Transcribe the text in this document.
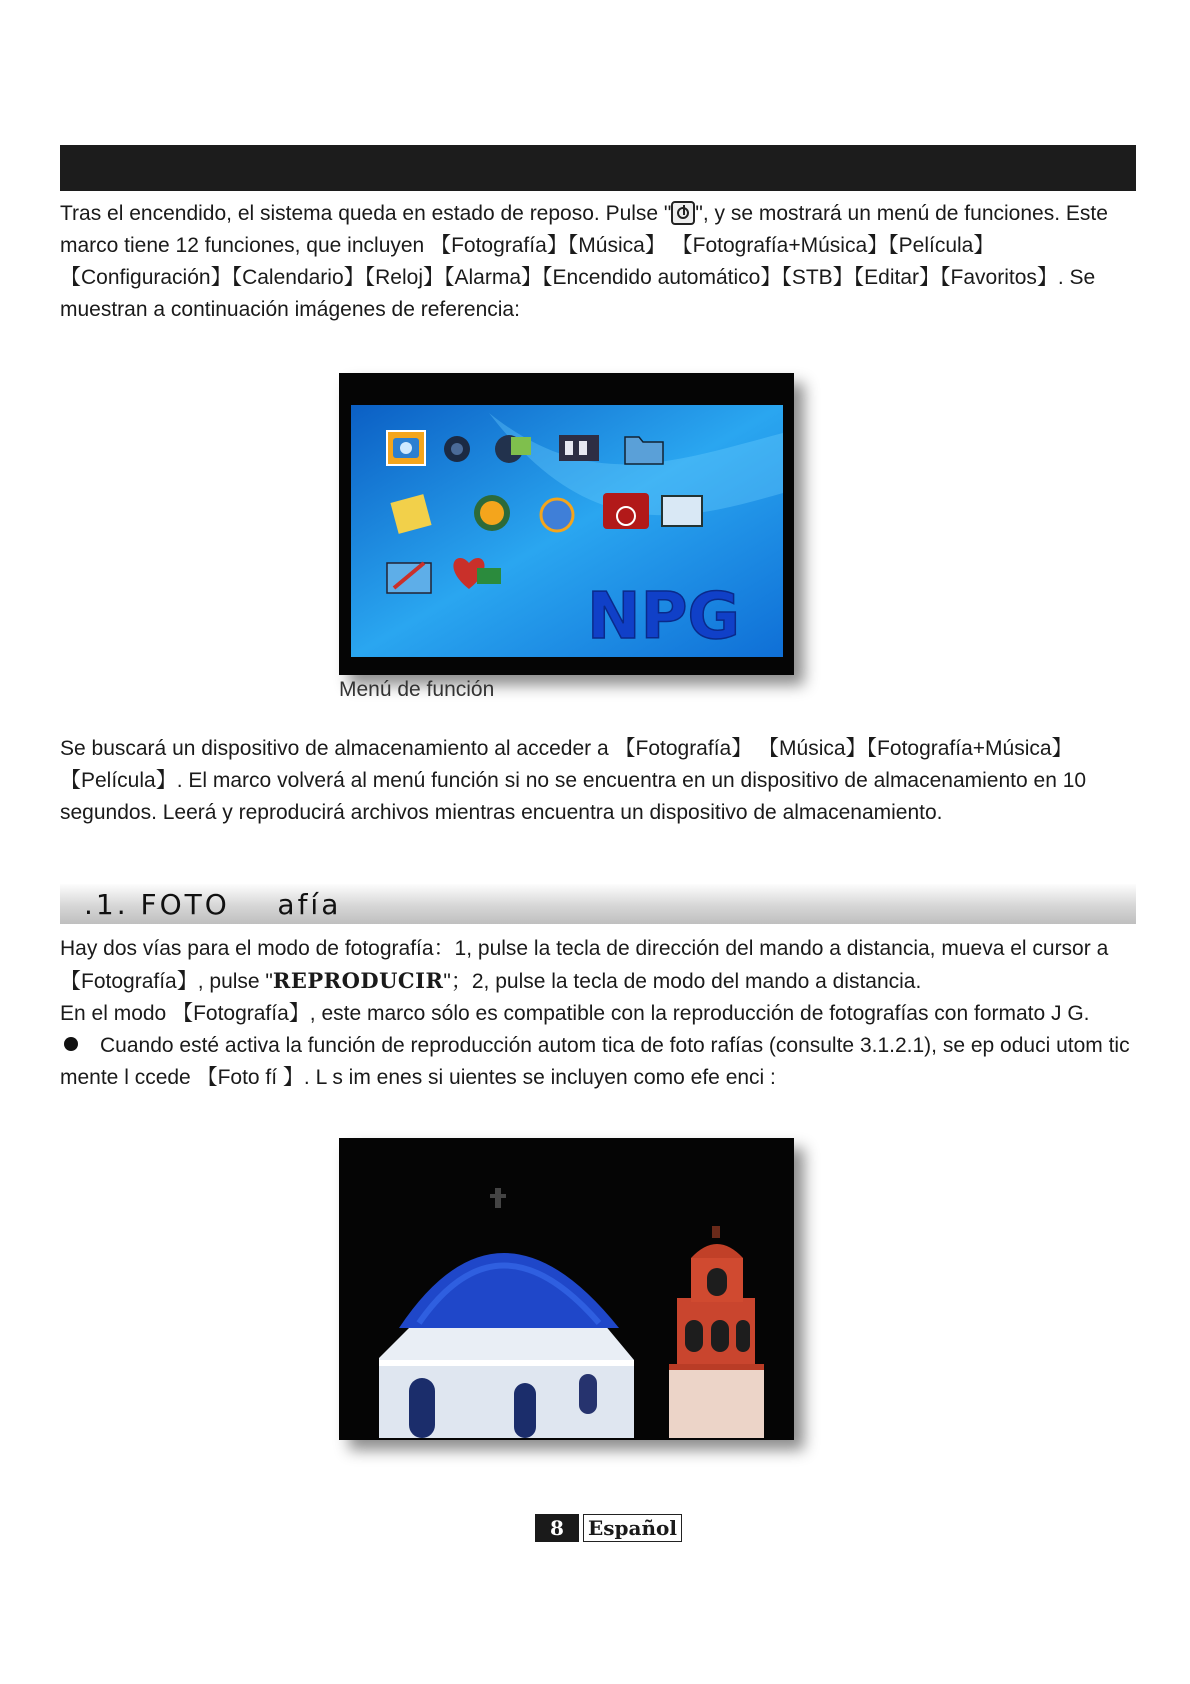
Tras el encendido, el sistema queda en estado de reposo. Pulse " ", y se mostrará un menú de funciones. Este marco tiene 12 funciones, que incluyen 【Fotografía】【Música】 【Fotografía+Música】【Película】【Configuración】【Calendario】【Reloj】【Alarma】【Encendido automático】【STB】【Editar】【Favoritos】. Se muestran a continuación imágenes de referencia:

NPG
Menú de función

Se buscará un dispositivo de almacenamiento al acceder a 【Fotografía】 【Música】【Fotografía+Música】【Película】. El marco volverá al menú función si no se encuentra en un dispositivo de almacenamiento en 10 segundos. Leerá y reproducirá archivos mientras encuentra un dispositivo de almacenamiento.

.1. FOTO    afía

Hay dos vías para el modo de fotografía：1, pulse la tecla de dirección del mando a distancia, mueva el cursor a 【Fotografía】, pulse "REPRODUCIR"；2, pulse la tecla de modo del mando a distancia.
En el modo 【Fotografía】, este marco sólo es compatible con la reproducción de fotografías con formato J G.

Cuando esté activa la función de reproducción autom tica de foto rafías (consulte 3.1.2.1), se ep oduci utom tic mente l ccede 【Foto fí 】. L s im enes si uientes se incluyen como efe enci :

8	Español
